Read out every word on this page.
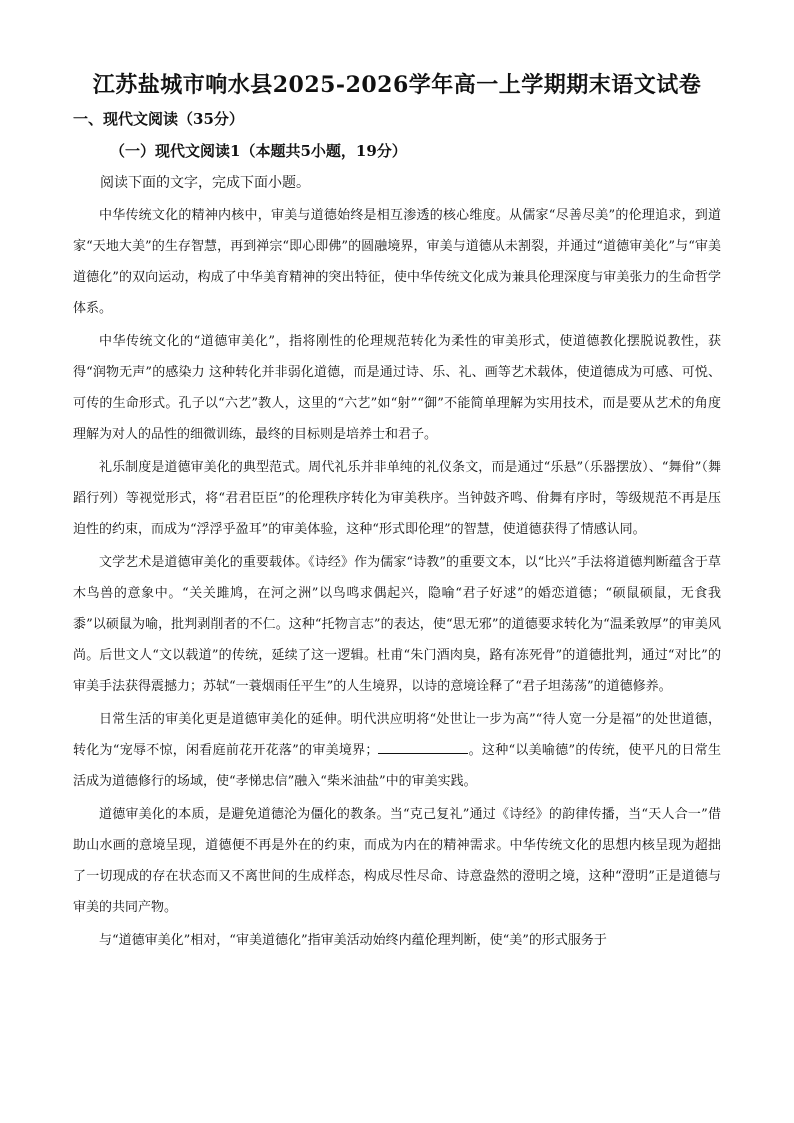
江苏盐城市响水县2025-2026学年高一上学期期末语文试卷
一、现代文阅读（35分）
（一）现代文阅读1（本题共5小题，19分）
阅读下面的文字，完成下面小题。

中华传统文化的精神内核中，审美与道德始终是相互渗透的核心维度。从儒家“尽善尽美”的伦理追求，到道家“天地大美”的生存智慧，再到禅宗“即心即佛”的圆融境界，审美与道德从未割裂，并通过“道德审美化”与“审美道德化”的双向运动，构成了中华美育精神的突出特征，使中华传统文化成为兼具伦理深度与审美张力的生命哲学体系。

中华传统文化的“道德审美化”，指将刚性的伦理规范转化为柔性的审美形式，使道德教化摆脱说教性，获得“润物无声”的感染力 这种转化并非弱化道德，而是通过诗、乐、礼、画等艺术载体，使道德成为可感、可悦、可传的生命形式。孔子以“六艺”教人，这里的“六艺”如“射”“御”不能简单理解为实用技术，而是要从艺术的角度理解为对人的品性的细微训练，最终的目标则是培养士和君子。

礼乐制度是道德审美化的典型范式。周代礼乐并非单纯的礼仪条文，而是通过“乐悬”（乐器摆放）、“舞佾”（舞蹈行列）等视觉形式，将“君君臣臣”的伦理秩序转化为审美秩序。当钟鼓齐鸣、佾舞有序时，等级规范不再是压迫性的约束，而成为“浮浮乎盈耳”的审美体验，这种“形式即伦理”的智慧，使道德获得了情感认同。

文学艺术是道德审美化的重要载体。《诗经》作为儒家“诗教”的重要文本，以“比兴”手法将道德判断蕴含于草木鸟兽的意象中。“关关雎鸠，在河之洲”以鸟鸣求偶起兴，隐喻“君子好逑”的婚恋道德；“硕鼠硕鼠，无食我黍”以硕鼠为喻，批判剥削者的不仁。这种“托物言志”的表达，使“思无邪”的道德要求转化为“温柔敦厚”的审美风尚。后世文人“文以载道”的传统，延续了这一逻辑。杜甫“朱门酒肉臭，路有冻死骨”的道德批判，通过“对比”的审美手法获得震撼力；苏轼“一蓑烟雨任平生”的人生境界，以诗的意境诠释了“君子坦荡荡”的道德修养。

日常生活的审美化更是道德审美化的延伸。明代洪应明将“处世让一步为高”“待人宽一分是福”的处世道德，转化为“宠辱不惊，闲看庭前花开花落”的审美境界；	。这种“以美喻德”的传统，使平凡的日常生活成为道德修行的场域，使“孝悌忠信”融入“柴米油盐”中的审美实践。

道德审美化的本质，是避免道德沦为僵化的教条。当“克己复礼”通过《诗经》的韵律传播，当“天人合一”借助山水画的意境呈现，道德便不再是外在的约束，而成为内在的精神需求。中华传统文化的思想内核呈现为超拙了一切现成的存在状态而又不离世间的生成样态，构成尽性尽命、诗意盎然的澄明之境，这种“澄明”正是道德与审美的共同产物。

与“道德审美化”相对，“审美道德化”指审美活动始终内蕴伦理判断，使“美”的形式服务于
